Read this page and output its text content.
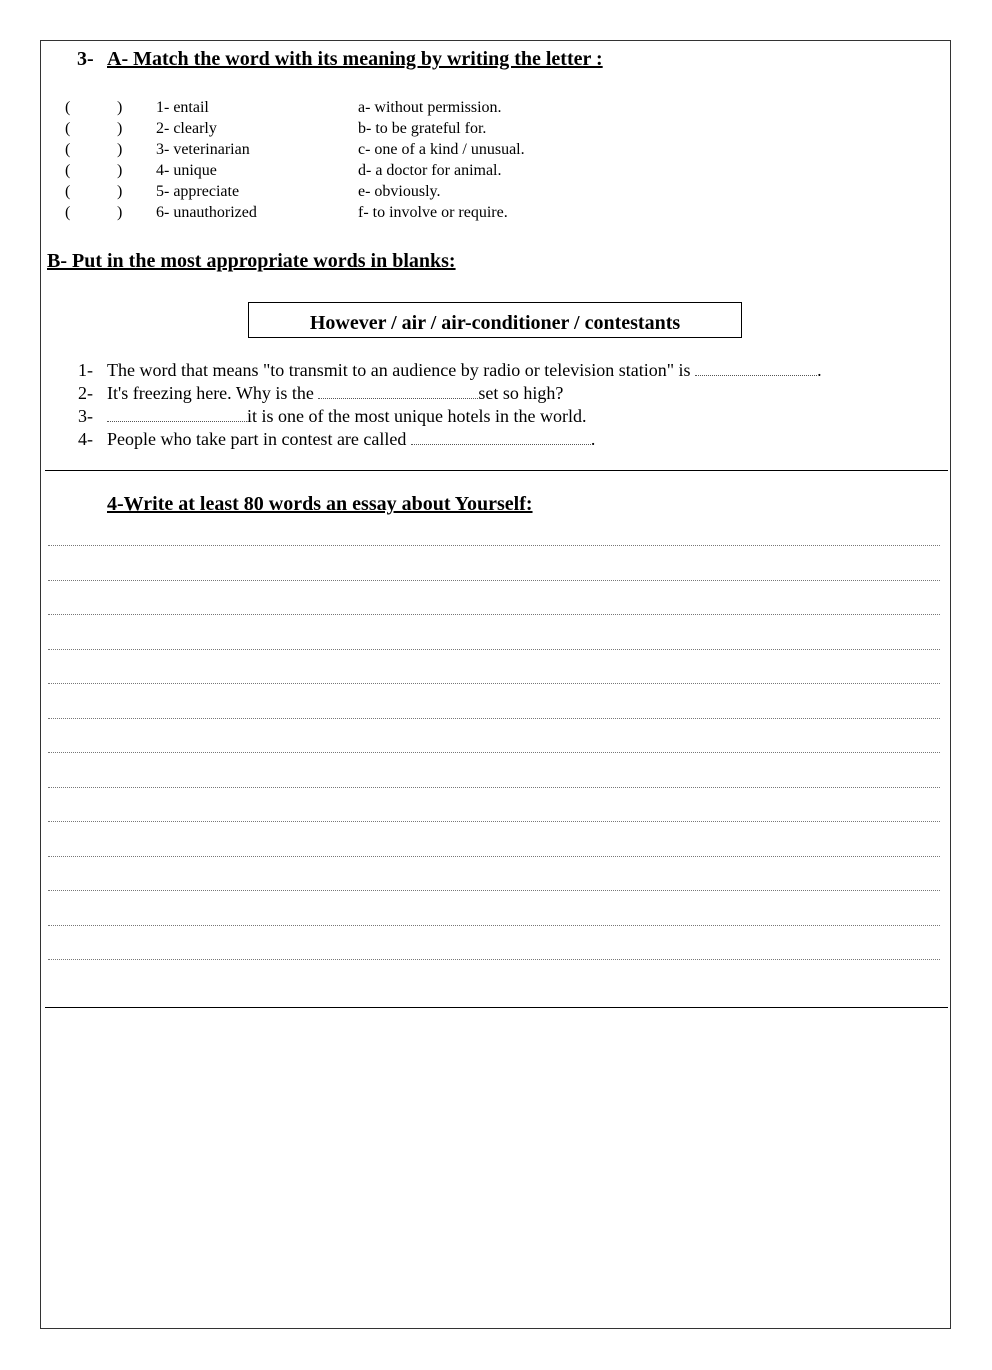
3- A- Match the word with its meaning by writing the letter :
(	) 1- entail	a- without permission.
(	) 2- clearly	b- to be grateful for.
(	) 3- veterinarian	c- one of a kind / unusual.
(	) 4- unique	d- a doctor for animal.
(	) 5- appreciate	e- obviously.
(	) 6- unauthorized	f- to involve or require.
B- Put in the most appropriate words in blanks:
However / air / air-conditioner / contestants
1- The word that means "to transmit to an audience by radio or television station" is	.
2- It's freezing here. Why is the	set so high?
3-	it is one of the most unique hotels in the world.
4- People who take part in contest are called	.
4-Write at least 80 words an essay about Yourself:
